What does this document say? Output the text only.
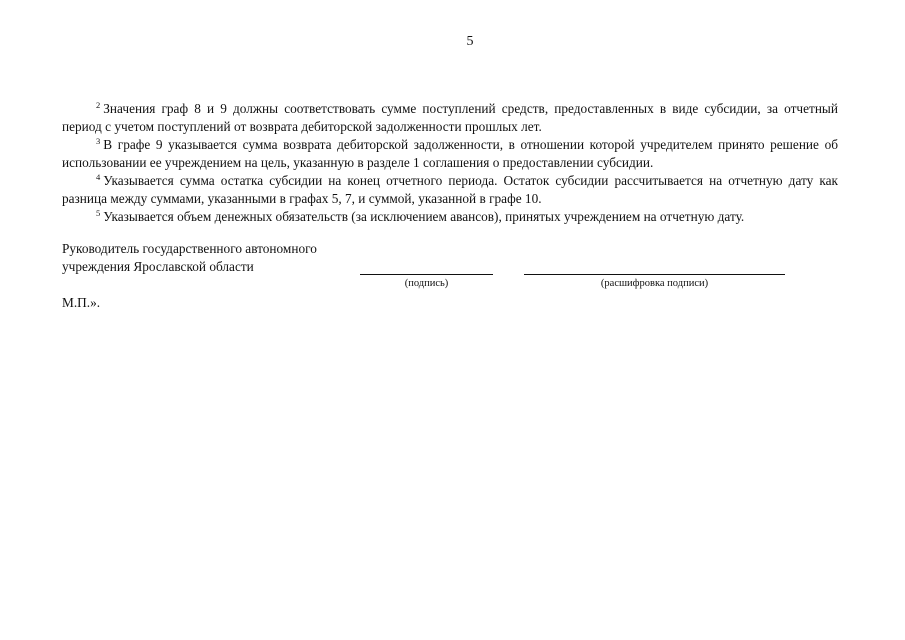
5

$^2$ Значения граф 8 и 9 должны соответствовать сумме поступлений средств, предоставленных в виде субсидии, за отчетный период с учетом поступлений от возврата дебиторской задолженности прошлых лет.

$^3$ В графе 9 указывается сумма возврата дебиторской задолженности, в отношении которой учредителем принято решение об использовании ее учреждением на цель, указанную в разделе 1 соглашения о предоставлении субсидии.

$^4$ Указывается сумма остатка субсидии на конец отчетного периода. Остаток субсидии рассчитывается на отчетную дату как разница между суммами, указанными в графах 5, 7, и суммой, указанной в графе 10.

$^5$ Указывается объем денежных обязательств (за исключением авансов), принятых учреждением на отчетную дату.

Руководитель государственного автономного
учреждения Ярославской области
(подпись)	(расшифровка подписи)
М.П.».
